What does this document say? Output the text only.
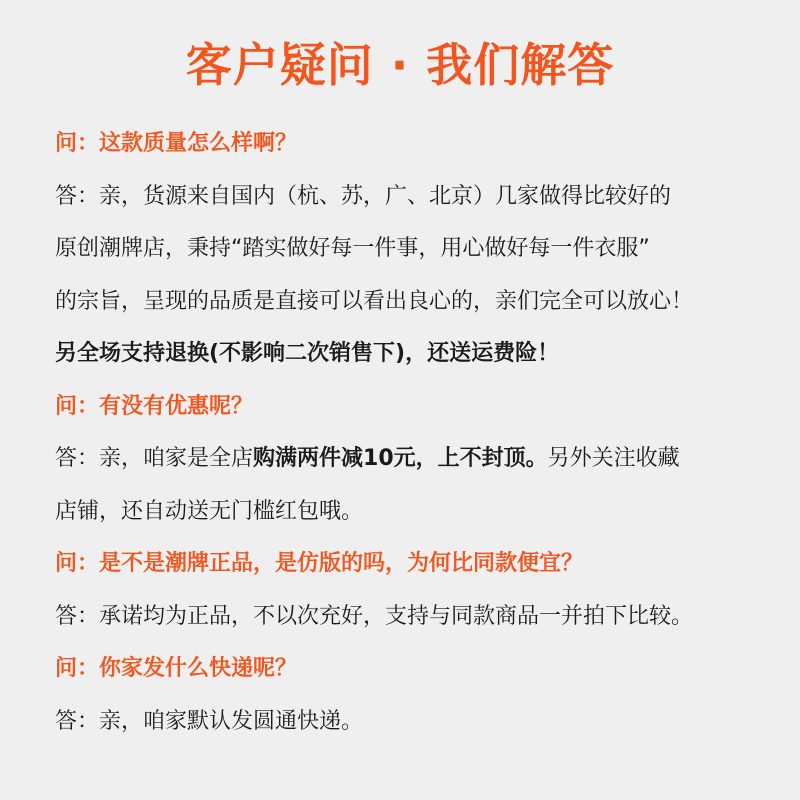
客户疑问 · 我们解答
问：这款质量怎么样啊？
答：亲，货源来自国内（杭、苏，广、北京）几家做得比较好的
原创潮牌店，秉持“踏实做好每一件事，用心做好每一件衣服”
的宗旨，呈现的品质是直接可以看出良心的，亲们完全可以放心！
另全场支持退换(不影响二次销售下)，还送运费险！
问：有没有优惠呢？
答：亲，咱家是全店购满两件减10元，上不封顶。另外关注收藏
店铺，还自动送无门槛红包哦。
问：是不是潮牌正品，是仿版的吗，为何比同款便宜？
答：承诺均为正品，不以次充好，支持与同款商品一并拍下比较。
问：你家发什么快递呢？
答：亲，咱家默认发圆通快递。
